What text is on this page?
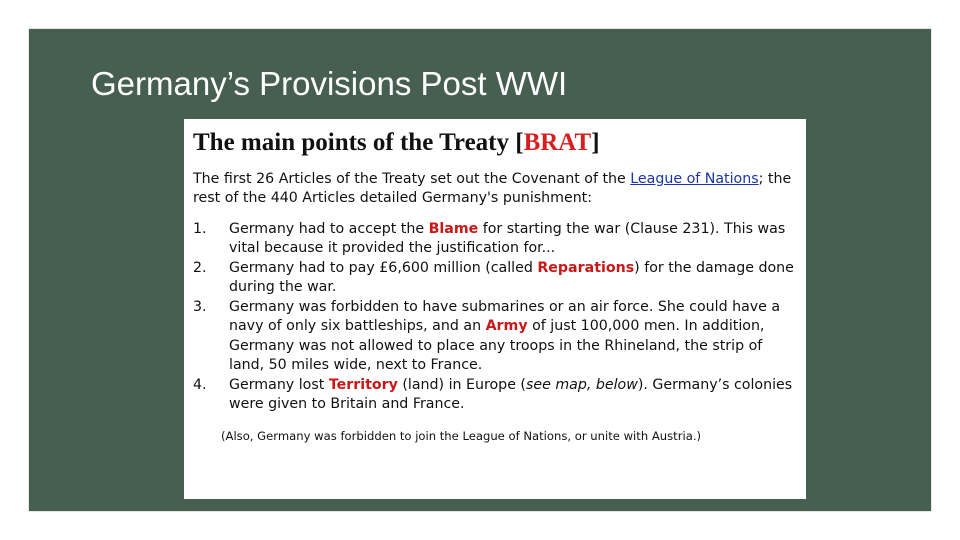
Germany’s Provisions Post WWI
The main points of the Treaty [BRAT]

The first 26 Articles of the Treaty set out the Covenant of the League of Nations; the rest of the 440 Articles detailed Germany's punishment:

1. Germany had to accept the Blame for starting the war (Clause 231). This was vital because it provided the justification for...
2. Germany had to pay £6,600 million (called Reparations) for the damage done during the war.
3. Germany was forbidden to have submarines or an air force. She could have a navy of only six battleships, and an Army of just 100,000 men. In addition, Germany was not allowed to place any troops in the Rhineland, the strip of land, 50 miles wide, next to France.
4. Germany lost Territory (land) in Europe (see map, below). Germany’s colonies were given to Britain and France.

(Also, Germany was forbidden to join the League of Nations, or unite with Austria.)
